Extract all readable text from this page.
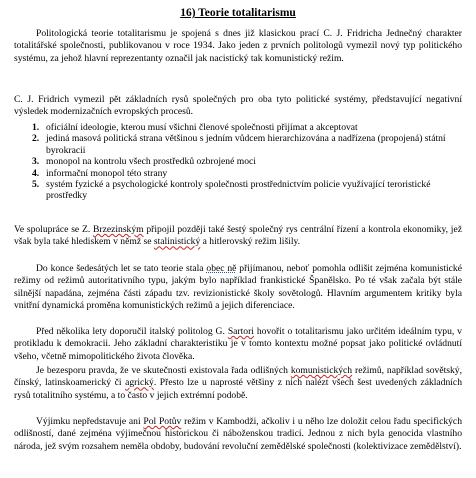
16) Teorie totalitarismu

Politologická teorie totalitarismu je spojená s dnes již klasickou prací C. J. Fridricha Jednečný charakter totalitářské společnosti, publikovanou v roce 1934. Jako jeden z prvních politologů vymezil nový typ politického systému, za jehož hlavní reprezentanty označil jak nacistický tak komunistický režim.

C. J. Fridrich vymezil pět základních rysů společných pro oba tyto politické systémy, představující negativní výsledek modernizačních evropských procesů.

1. oficiální ideologie, kterou musí všichni členové společnosti přijímat a akceptovat
2. jediná masová politická strana většinou s jedním vůdcem hierarchizována a nadřízena (propojená) státní byrokracii
3. monopol na kontrolu všech prostředků ozbrojené moci
4. informační monopol této strany
5. systém fyzické a psychologické kontroly společnosti prostřednictvím policie využívající teroristické prostředky

Ve spolupráce se Z. Brzezinským připojil později také šestý společný rys centrální řízení a kontrola ekonomiky, jež však byla také hlediskem v němž se stalinistický a hitlerovský režim lišily.

Do konce šedesátých let se tato teorie stala obec ně přijímanou, neboť pomohla odlišit zejména komunistické režimy od režimů autoritativního typu, jakým bylo například frankistické Španělsko. Po té však začala být stále silnější napadána, zejména části západu tzv. revizionistické školy sovětologů. Hlavním argumentem kritiky byla vnitřní dynamická proměna komunistických režimů a jejich diferenciace.

Před několika lety doporučil italský politolog G. Sartori hovořit o totalitarismu jako určitém ideálním typu, v protikladu k demokracii. Jeho základní charakteristiku je v tomto kontextu možné popsat jako politické ovládnutí všeho, včetně mimopolitického života člověka.

Je bezesporu pravda, že ve skutečnosti existovala řada odlišných komunistických režimů, například sovětský, čínský, latinskoamerický či agrický. Přesto lze u naprosté většiny z nich nalézt všech šest uvedených základních rysů totalitního systému, a to často v jejich extrémní podobě.

Výjimku nepředstavuje ani Pol Potův režim v Kambodži, ačkoliv i u něho lze doložit celou řadu specifických odlišností, dané zejména výjimečnou historickou či náboženskou tradicí. Jednou z nich byla genocida vlastního národa, jež svým rozsahem neměla obdoby, budování revoluční zemědělské společnosti (kolektivizace zemědělství).
